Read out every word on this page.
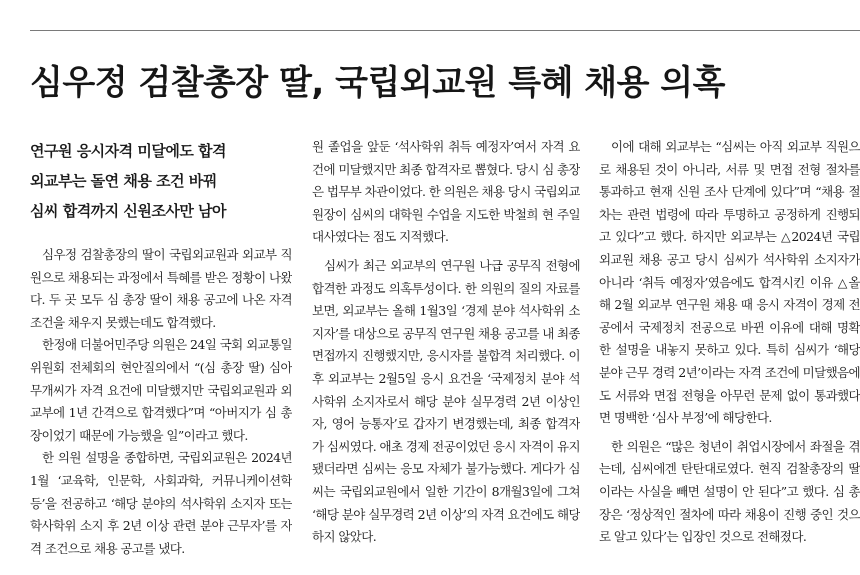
심우정 검찰총장 딸, 국립외교원 특혜 채용 의혹
연구원 응시자격 미달에도 합격
외교부는 돌연 채용 조건 바꿔
심씨 합격까지 신원조사만 남아

심우정 검찰총장의 딸이 국립외교원과 외교부 직원으로 채용되는 과정에서 특혜를 받은 정황이 나왔다. 두 곳 모두 심 총장 딸이 채용 공고에 나온 자격 조건을 채우지 못했는데도 합격했다.

한정애 더불어민주당 의원은 24일 국회 외교통일위원회 전체회의 현안질의에서 “(심 총장 딸) 심아무개씨가 자격 요건에 미달했지만 국립외교원과 외교부에 1년 간격으로 합격했다”며 “아버지가 심 총장이었기 때문에 가능했을 일”이라고 했다.

한 의원 설명을 종합하면, 국립외교원은 2024년 1월 ‘교육학, 인문학, 사회과학, 커뮤니케이션학 등’을 전공하고 ‘해당 분야의 석사학위 소지자 또는 학사학위 소지 후 2년 이상 관련 분야 근무자’를 자격 조건으로 채용 공고를 냈다.

원 졸업을 앞둔 ‘석사학위 취득 예정자’여서 자격 요건에 미달했지만 최종 합격자로 뽑혔다. 당시 심 총장은 법무부 차관이었다. 한 의원은 채용 당시 국립외교원장이 심씨의 대학원 수업을 지도한 박철희 현 주일대사였다는 점도 지적했다.

심씨가 최근 외교부의 연구원 나급 공무직 전형에 합격한 과정도 의혹투성이다. 한 의원의 질의 자료를 보면, 외교부는 올해 1월3일 ‘경제 분야 석사학위 소지자’를 대상으로 공무직 연구원 채용 공고를 내 최종 면접까지 진행했지만, 응시자를 불합격 처리했다. 이후 외교부는 2월5일 응시 요건을 ‘국제정치 분야 석사학위 소지자로서 해당 분야 실무경력 2년 이상인 자, 영어 능통자’로 갑자기 변경했는데, 최종 합격자가 심씨였다. 애초 경제 전공이었던 응시 자격이 유지됐더라면 심씨는 응모 자체가 불가능했다. 게다가 심씨는 국립외교원에서 일한 기간이 8개월3일에 그쳐 ‘해당 분야 실무경력 2년 이상’의 자격 요건에도 해당하지 않았다.

이에 대해 외교부는 “심씨는 아직 외교부 직원으로 채용된 것이 아니라, 서류 및 면접 전형 절차를 통과하고 현재 신원 조사 단계에 있다”며 “채용 절차는 관련 법령에 따라 투명하고 공정하게 진행되고 있다”고 했다. 하지만 외교부는 △2024년 국립외교원 채용 공고 당시 심씨가 석사학위 소지자가 아니라 ‘취득 예정자’였음에도 합격시킨 이유 △올해 2월 외교부 연구원 채용 때 응시 자격이 경제 전공에서 국제정치 전공으로 바뀐 이유에 대해 명확한 설명을 내놓지 못하고 있다. 특히 심씨가 ‘해당 분야 근무 경력 2년’이라는 자격 조건에 미달했음에도 서류와 면접 전형을 아무런 문제 없이 통과했다면 명백한 ‘심사 부정’에 해당한다.

한 의원은 “많은 청년이 취업시장에서 좌절을 겪는데, 심씨에겐 탄탄대로였다. 현직 검찰총장의 딸이라는 사실을 빼면 설명이 안 된다”고 했다. 심 총장은 ‘정상적인 절차에 따라 채용이 진행 중인 것으로 알고 있다’는 입장인 것으로 전해졌다.
